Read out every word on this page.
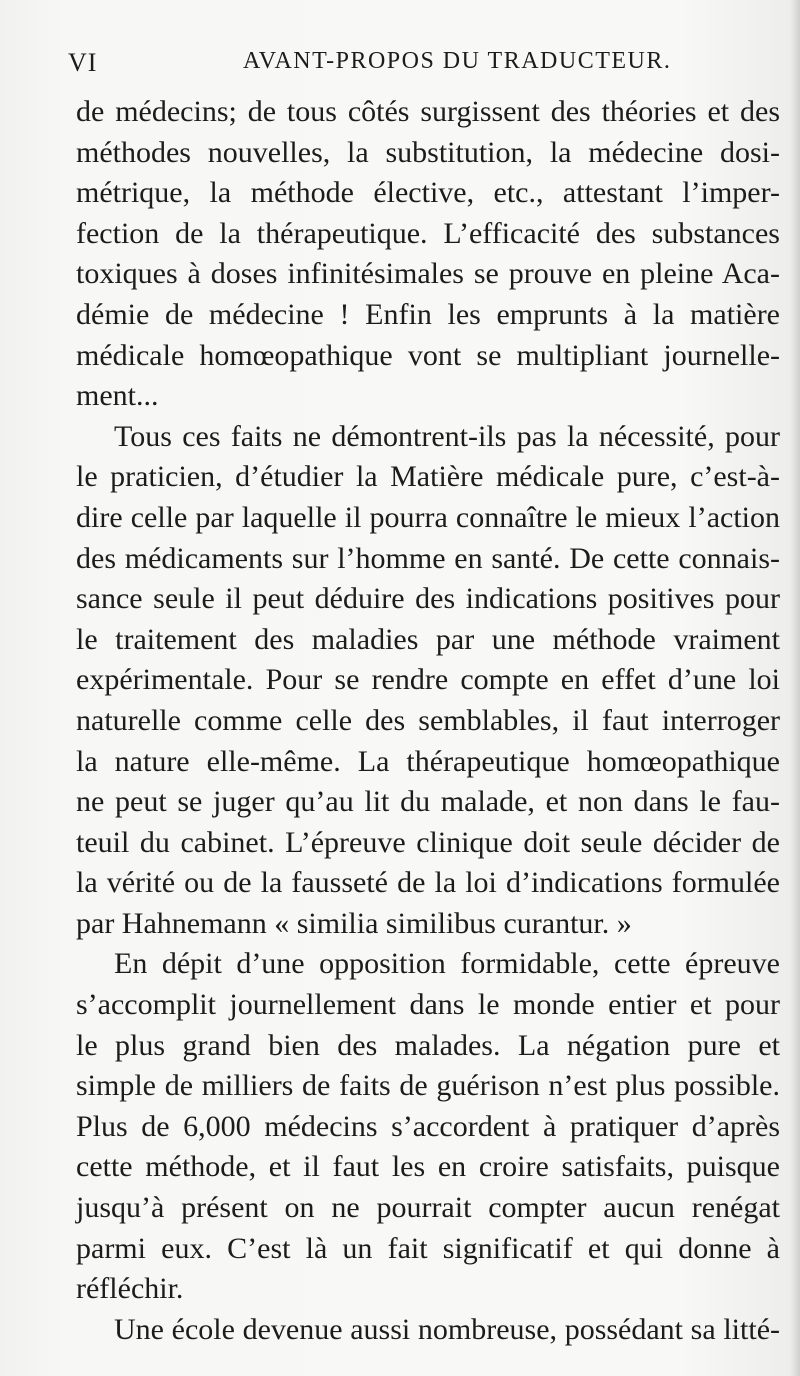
VI	AVANT-PROPOS DU TRADUCTEUR.
de médecins; de tous côtés surgissent des théories et des
méthodes nouvelles, la substitution, la médecine dosi-
métrique, la méthode élective, etc., attestant l’imper-
fection de la thérapeutique. L’efficacité des substances
toxiques à doses infinitésimales se prouve en pleine Aca-
démie de médecine ! Enfin les emprunts à la matière
médicale homœopathique vont se multipliant journelle-
ment...
Tous ces faits ne démontrent-ils pas la nécessité, pour
le praticien, d’étudier la Matière médicale pure, c’est-à-
dire celle par laquelle il pourra connaître le mieux l’action
des médicaments sur l’homme en santé. De cette connais-
sance seule il peut déduire des indications positives pour
le traitement des maladies par une méthode vraiment
expérimentale. Pour se rendre compte en effet d’une loi
naturelle comme celle des semblables, il faut interroger
la nature elle-même. La thérapeutique homœopathique
ne peut se juger qu’au lit du malade, et non dans le fau-
teuil du cabinet. L’épreuve clinique doit seule décider de
la vérité ou de la fausseté de la loi d’indications formulée
par Hahnemann « similia similibus curantur. »
En dépit d’une opposition formidable, cette épreuve
s’accomplit journellement dans le monde entier et pour
le plus grand bien des malades. La négation pure et
simple de milliers de faits de guérison n’est plus possible.
Plus de 6,000 médecins s’accordent à pratiquer d’après
cette méthode, et il faut les en croire satisfaits, puisque
jusqu’à présent on ne pourrait compter aucun renégat
parmi eux. C’est là un fait significatif et qui donne à
réfléchir.
Une école devenue aussi nombreuse, possédant sa litté-
